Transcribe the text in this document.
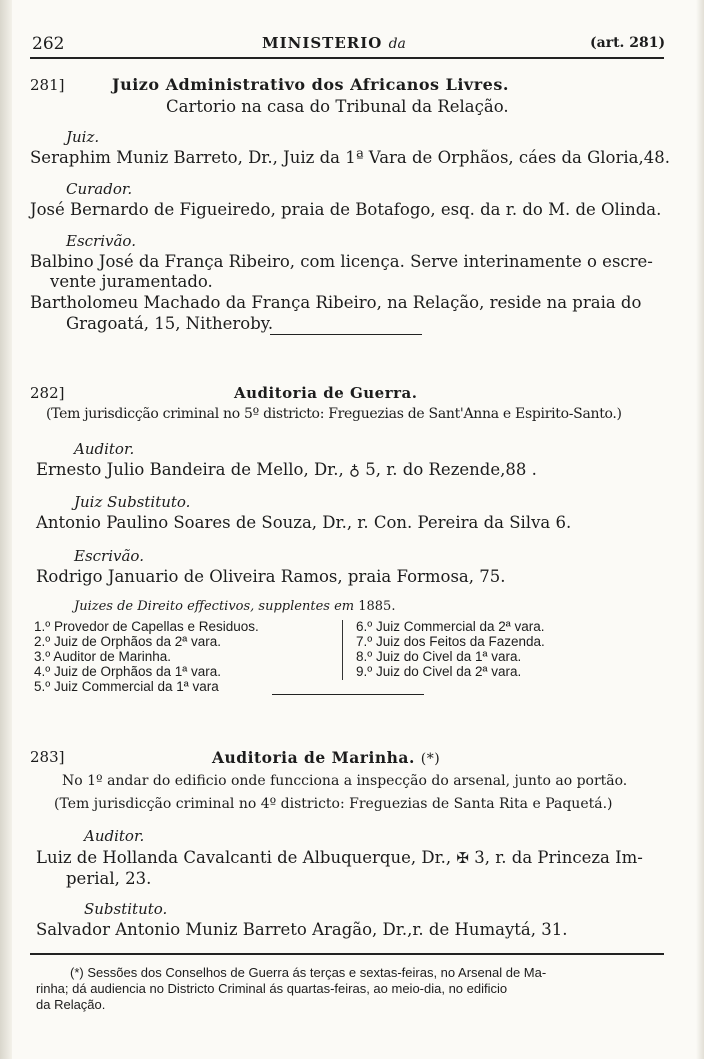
262	MINISTERIO da	(art. 281)
281]	Juizo Administrativo dos Africanos Livres.
Cartorio na casa do Tribunal da Relação.
Juiz.
Seraphim Muniz Barreto, Dr., Juiz da 1ª Vara de Orphãos, cáes da Gloria,48.
Curador.
José Bernardo de Figueiredo, praia de Botafogo, esq. da r. do M. de Olinda.
Escrivão.
Balbino José da França Ribeiro, com licença. Serve interinamente o escre-
vente juramentado.
Bartholomeu Machado da França Ribeiro, na Relação, reside na praia do
Gragoatá, 15, Nitheroby.
282]	Auditoria de Guerra.
(Tem jurisdicção criminal no 5º districto: Freguezias de Sant'Anna e Espirito-Santo.)
Auditor.
Ernesto Julio Bandeira de Mello, Dr., ♁ 5, r. do Rezende,88 .
Juiz Substituto.
Antonio Paulino Soares de Souza, Dr., r. Con. Pereira da Silva 6.
Escrivão.
Rodrigo Januario de Oliveira Ramos, praia Formosa, 75.
Juizes de Direito effectivos, supplentes em 1885.
1.º Provedor de Capellas e Residuos.
2.º Juiz de Orphãos da 2ª vara.
3.º Auditor de Marinha.
4.º Juiz de Orphãos da 1ª vara.
5.º Juiz Commercial da 1ª vara
6.º Juiz Commercial da 2ª vara.
7.º Juiz dos Feitos da Fazenda.
8.º Juiz do Civel da 1ª vara.
9.º Juiz do Civel da 2ª vara.
283]	Auditoria de Marinha. (*)
No 1º andar do edificio onde funcciona a inspecção do arsenal, junto ao portão.
(Tem jurisdicção criminal no 4º districto: Freguezias de Santa Rita e Paquetá.)
Auditor.
Luiz de Hollanda Cavalcanti de Albuquerque, Dr., ✠ 3, r. da Princeza Im-
perial, 23.
Substituto.
Salvador Antonio Muniz Barreto Aragão, Dr.,r. de Humaytá, 31.
(*) Sessões dos Conselhos de Guerra ás terças e sextas-feiras, no Arsenal de Ma-
rinha; dá audiencia no Districto Criminal ás quartas-feiras, ao meio-dia, no edificio
da Relação.
